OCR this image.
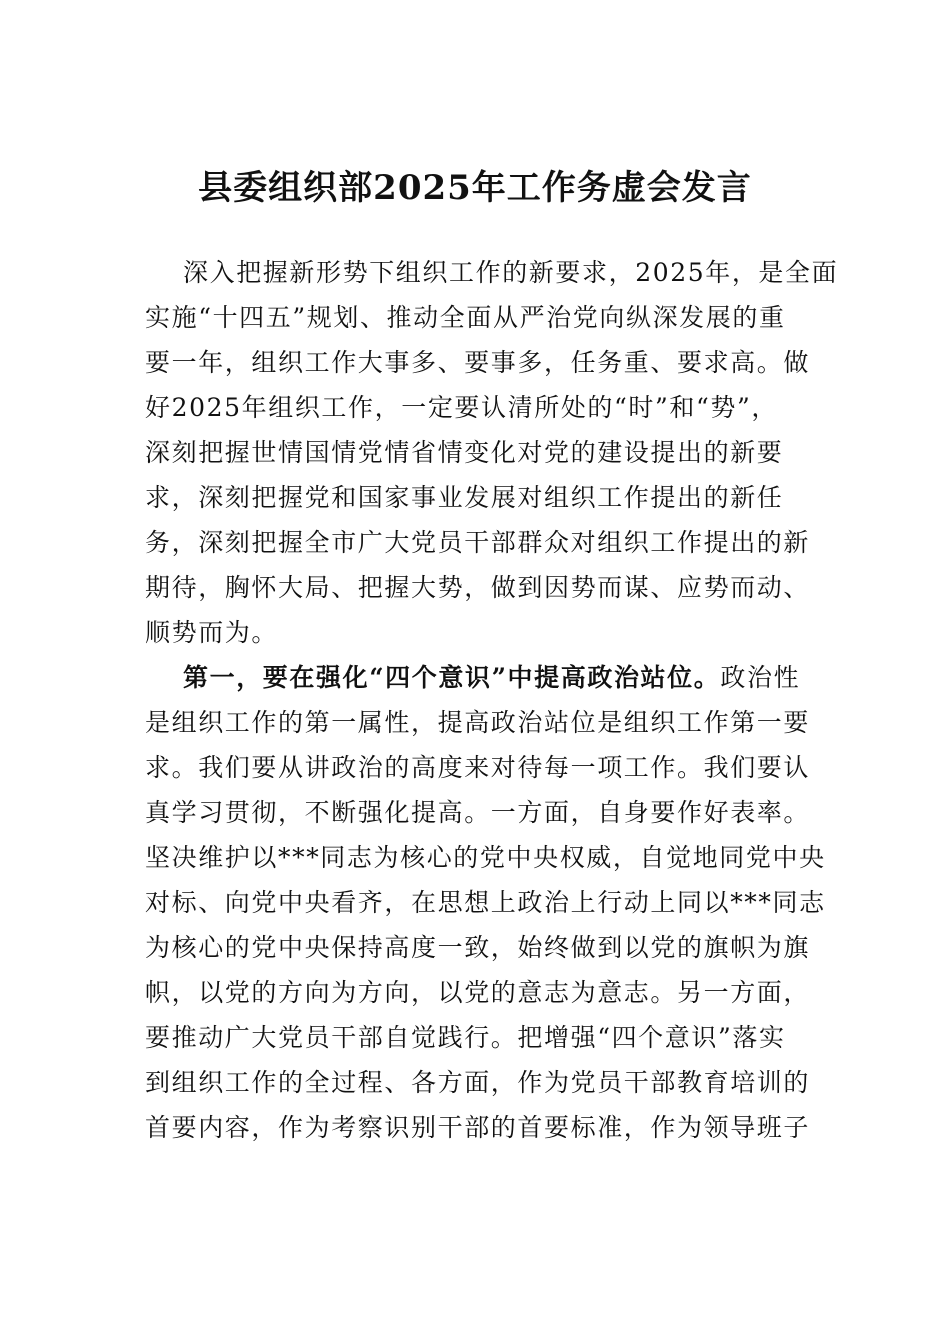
县委组织部2025年工作务虚会发言
深入把握新形势下组织工作的新要求，2025年，是全面
实施“十四五”规划、推动全面从严治党向纵深发展的重
要一年，组织工作大事多、要事多，任务重、要求高。做
好2025年组织工作，一定要认清所处的“时”和“势”，
深刻把握世情国情党情省情变化对党的建设提出的新要
求，深刻把握党和国家事业发展对组织工作提出的新任
务，深刻把握全市广大党员干部群众对组织工作提出的新
期待，胸怀大局、把握大势，做到因势而谋、应势而动、
顺势而为。
第一，要在强化“四个意识”中提高政治站位。政治性
是组织工作的第一属性，提高政治站位是组织工作第一要
求。我们要从讲政治的高度来对待每一项工作。我们要认
真学习贯彻，不断强化提高。一方面，自身要作好表率。
坚决维护以***同志为核心的党中央权威，自觉地同党中央
对标、向党中央看齐，在思想上政治上行动上同以***同志
为核心的党中央保持高度一致，始终做到以党的旗帜为旗
帜，以党的方向为方向，以党的意志为意志。另一方面，
要推动广大党员干部自觉践行。把增强“四个意识”落实
到组织工作的全过程、各方面，作为党员干部教育培训的
首要内容，作为考察识别干部的首要标准，作为领导班子
